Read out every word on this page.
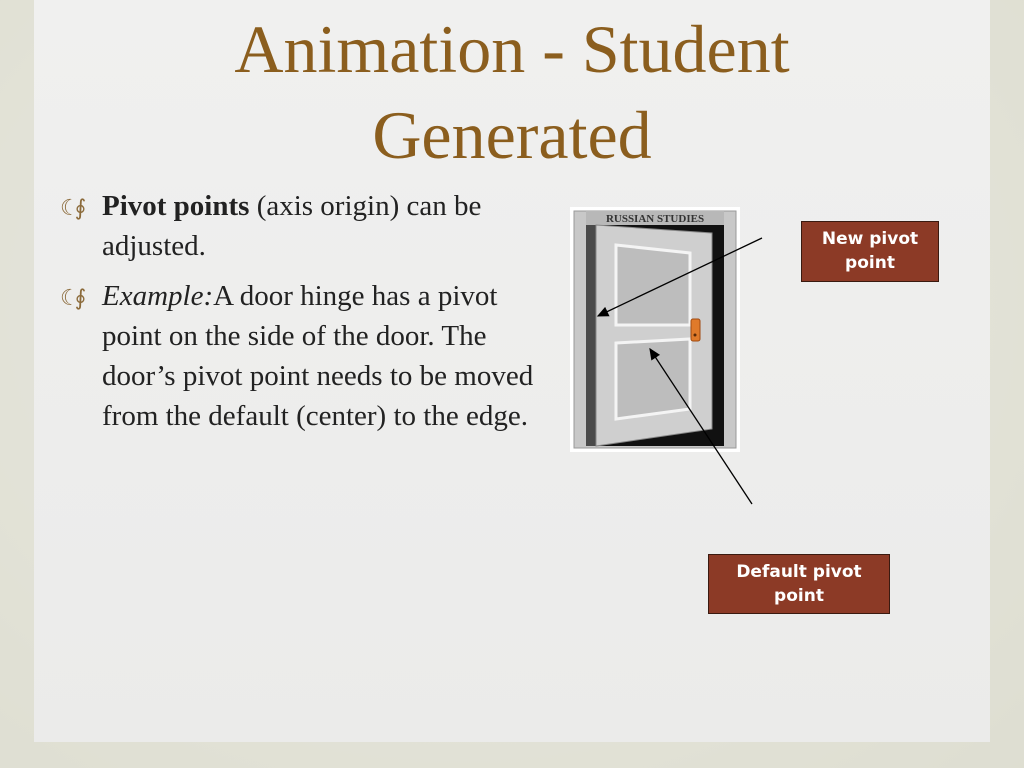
Animation - Student
Generated
☾∮ Pivot points (axis origin) can be adjusted.
☾∮ Example:A door hinge has a pivot point on the side of the door. The door’s pivot point needs to be moved from the default (center) to the edge.
RUSSIAN STUDIES
New pivot point
Default pivot point
